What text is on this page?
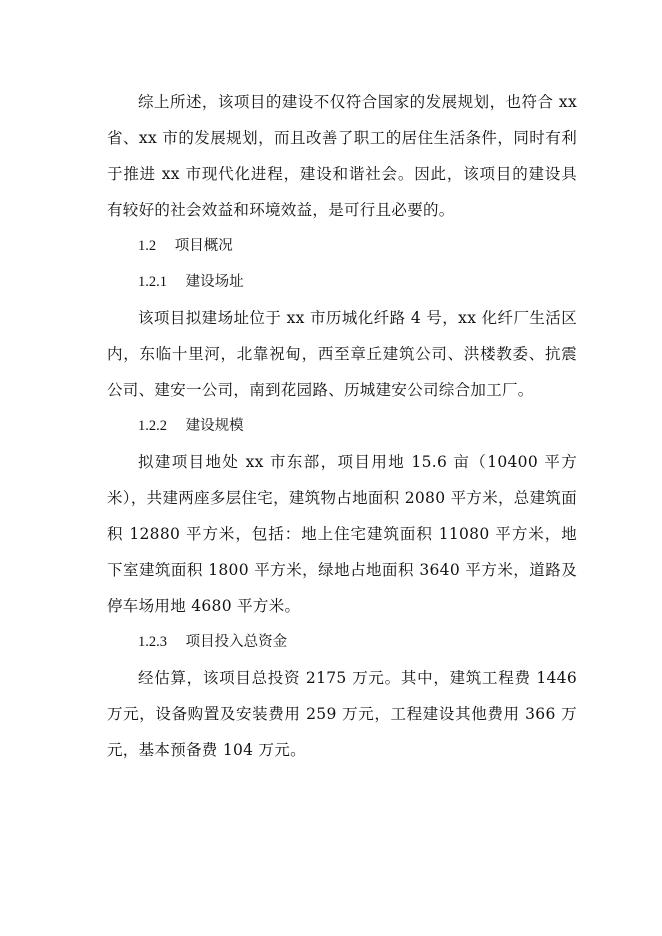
综上所述，该项目的建设不仅符合国家的发展规划，也符合 xx 省、xx 市的发展规划，而且改善了职工的居住生活条件，同时有利于推进 xx 市现代化进程，建设和谐社会。因此，该项目的建设具有较好的社会效益和环境效益，是可行且必要的。

1.2 项目概况
1.2.1 建设场址

该项目拟建场址位于 xx 市历城化纤路 4 号，xx 化纤厂生活区内，东临十里河，北靠祝甸，西至章丘建筑公司、洪楼教委、抗震公司、建安一公司，南到花园路、历城建安公司综合加工厂。

1.2.2 建设规模

拟建项目地处 xx 市东部，项目用地 15.6 亩（10400 平方米），共建两座多层住宅，建筑物占地面积 2080 平方米，总建筑面积 12880 平方米，包括：地上住宅建筑面积 11080 平方米，地下室建筑面积 1800 平方米，绿地占地面积 3640 平方米，道路及停车场用地 4680 平方米。

1.2.3 项目投入总资金

经估算，该项目总投资 2175 万元。其中，建筑工程费 1446 万元，设备购置及安装费用 259 万元，工程建设其他费用 366 万元，基本预备费 104 万元。
